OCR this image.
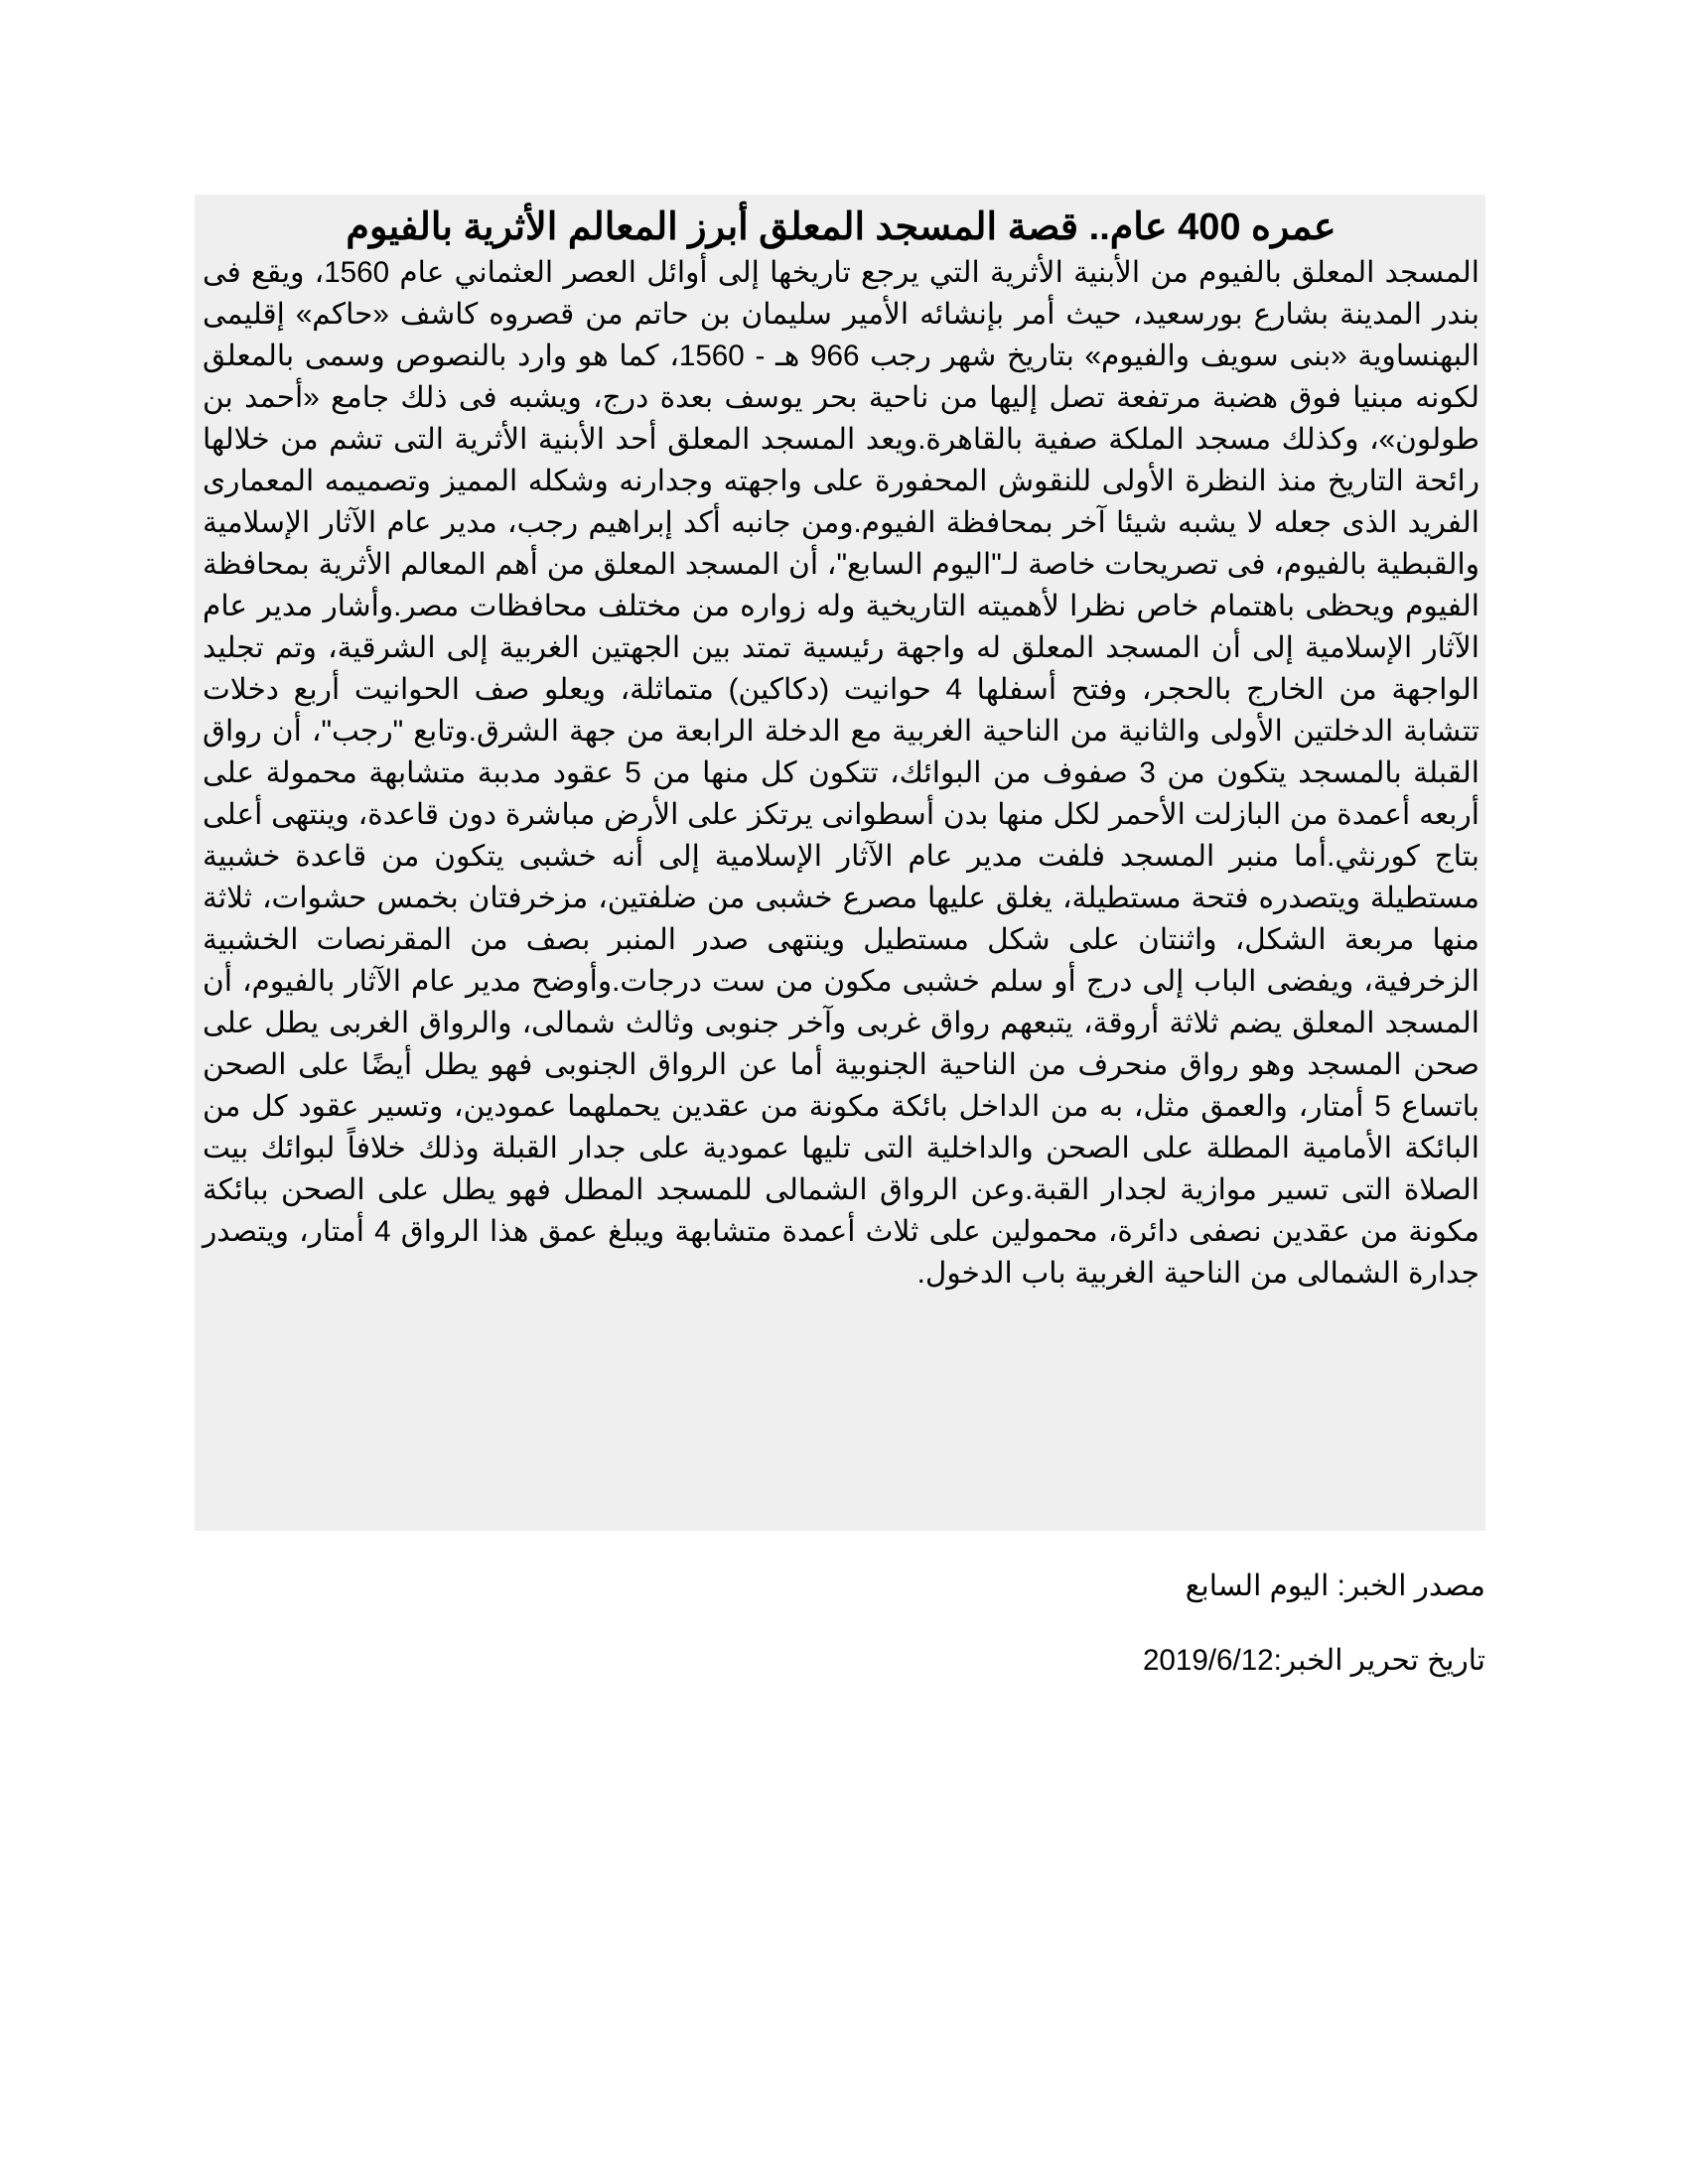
عمره 400 عام.. قصة المسجد المعلق أبرز المعالم الأثرية بالفيوم

المسجد المعلق بالفيوم من الأبنية الأثرية التي يرجع تاريخها إلى أوائل العصر العثماني عام 1560، ويقع فى بندر المدينة بشارع بورسعيد، حيث أمر بإنشائه الأمير سليمان بن حاتم من قصروه كاشف «حاكم» إقليمى البهنساوية «بنى سويف والفيوم» بتاريخ شهر رجب 966 هـ - 1560، كما هو وارد بالنصوص وسمى بالمعلق لكونه مبنيا فوق هضبة مرتفعة تصل إليها من ناحية بحر يوسف بعدة درج، ويشبه فى ذلك جامع «أحمد بن طولون»، وكذلك مسجد الملكة صفية بالقاهرة.ويعد المسجد المعلق أحد الأبنية الأثرية التى تشم من خلالها رائحة التاريخ منذ النظرة الأولى للنقوش المحفورة على واجهته وجدارنه وشكله المميز وتصميمه المعمارى الفريد الذى جعله لا يشبه شيئا آخر بمحافظة الفيوم.ومن جانبه أكد إبراهيم رجب، مدير عام الآثار الإسلامية والقبطية بالفيوم، فى تصريحات خاصة لـ"اليوم السابع"، أن المسجد المعلق من أهم المعالم الأثرية بمحافظة الفيوم ويحظى باهتمام خاص نظرا لأهميته التاريخية وله زواره من مختلف محافظات مصر.وأشار مدير عام الآثار الإسلامية إلى أن المسجد المعلق له واجهة رئيسية تمتد بين الجهتين الغربية إلى الشرقية، وتم تجليد الواجهة من الخارج بالحجر، وفتح أسفلها 4 حوانيت (دكاكين) متماثلة، ويعلو صف الحوانيت أربع دخلات تتشابة الدخلتين الأولى والثانية من الناحية الغربية مع الدخلة الرابعة من جهة الشرق.وتابع "رجب"، أن رواق القبلة بالمسجد يتكون من 3 صفوف من البوائك، تتكون كل منها من 5 عقود مدببة متشابهة محمولة على أربعه أعمدة من البازلت الأحمر لكل منها بدن أسطوانى يرتكز على الأرض مباشرة دون قاعدة، وينتهى أعلى بتاج كورنثي.أما منبر المسجد فلفت مدير عام الآثار الإسلامية إلى أنه خشبى يتكون من قاعدة خشبية مستطيلة ويتصدره فتحة مستطيلة، يغلق عليها مصرع خشبى من ضلفتين، مزخرفتان بخمس حشوات، ثلاثة منها مربعة الشكل، واثنتان على شكل مستطيل وينتهى صدر المنبر بصف من المقرنصات الخشبية الزخرفية، ويفضى الباب إلى درج أو سلم خشبى مكون من ست درجات.وأوضح مدير عام الآثار بالفيوم، أن المسجد المعلق يضم ثلاثة أروقة، يتبعهم رواق غربى وآخر جنوبى وثالث شمالى، والرواق الغربى يطل على صحن المسجد وهو رواق منحرف من الناحية الجنوبية أما عن الرواق الجنوبى فهو يطل أيضًا على الصحن باتساع 5 أمتار، والعمق مثل، به من الداخل بائكة مكونة من عقدين يحملهما عمودين، وتسير عقود كل من البائكة الأمامية المطلة على الصحن والداخلية التى تليها عمودية على جدار القبلة وذلك خلافاً لبوائك بيت الصلاة التى تسير موازية لجدار القبة.وعن الرواق الشمالى للمسجد المطل فهو يطل على الصحن ببائكة مكونة من عقدين نصفى دائرة، محمولين على ثلاث أعمدة متشابهة ويبلغ عمق هذا الرواق 4 أمتار، ويتصدر جدارة الشمالى من الناحية الغربية باب الدخول.

مصدر الخبر: اليوم السابع
تاريخ تحرير الخبر:2019/6/12
